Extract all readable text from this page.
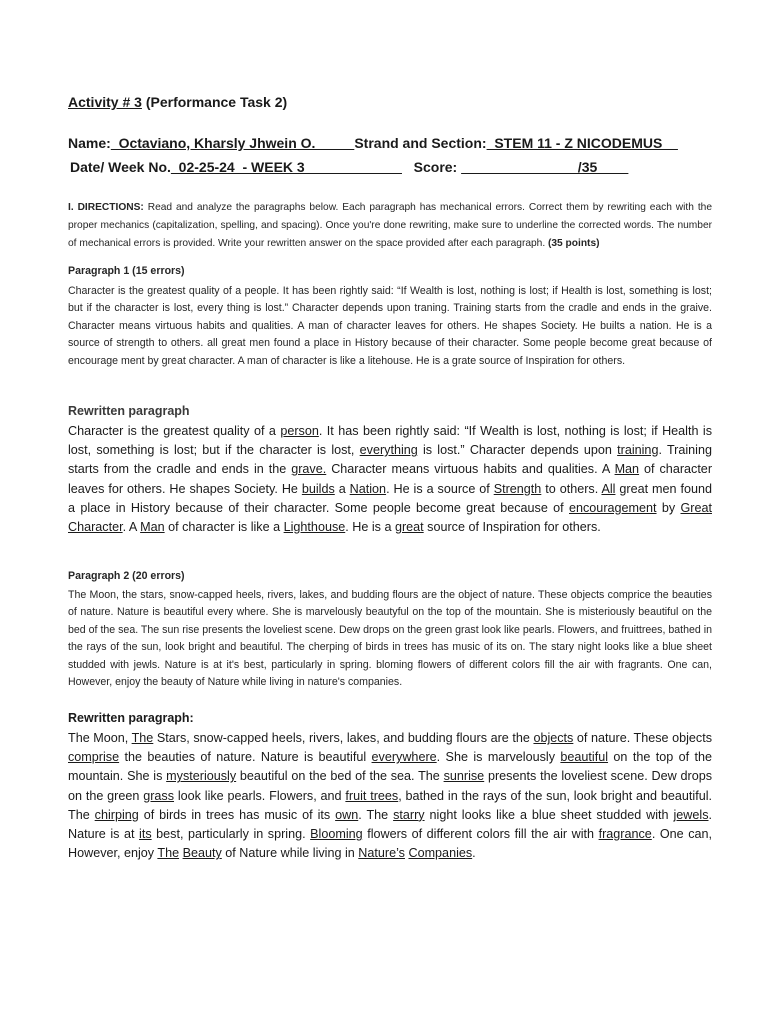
Activity # 3 (Performance Task 2)
Name:  Octaviano, Kharsly Jhwein O.          Strand and Section:  STEM 11 - Z NICODEMUS
Date/ Week No.  02-25-24  - WEEK 3                            Score:                               /35
I. DIRECTIONS: Read and analyze the paragraphs below. Each paragraph has mechanical errors. Correct them by rewriting each with the proper mechanics (capitalization, spelling, and spacing). Once you're done rewriting, make sure to underline the corrected words. The number of mechanical errors is provided. Write your rewritten answer on the space provided after each paragraph. (35 points)
Paragraph 1 (15 errors)
Character is the greatest quality of a people. It has been rightly said: “If Wealth is lost, nothing is lost; if Health is lost, something is lost; but if the character is lost, every thing is lost.” Character depends upon traning. Training starts from the cradle and ends in the graive. Character means virtuous habits and qualities. A man of character leaves for others. He shapes Society. He builts a nation. He is a source of strength to others. all great men found a place in History because of their character. Some people become great because of encourage ment by great character. A man of character is like a litehouse. He is a grate source of Inspiration for others.
Rewritten paragraph
Character is the greatest quality of a person. It has been rightly said: “If Wealth is lost, nothing is lost; if Health is lost, something is lost; but if the character is lost, everything is lost.” Character depends upon training. Training starts from the cradle and ends in the grave. Character means virtuous habits and qualities. A Man of character leaves for others. He shapes Society. He builds a Nation. He is a source of Strength to others. All great men found a place in History because of their character. Some people become great because of encouragement by Great Character. A Man of character is like a Lighthouse. He is a great source of Inspiration for others.
Paragraph 2 (20 errors)
The Moon, the stars, snow-capped heels, rivers, lakes, and budding flours are the object of nature. These objects comprice the beauties of nature. Nature is beautiful every where. She is marvelously beautyful on the top of the mountain. She is misteriously beautiful on the bed of the sea. The sun rise presents the loveliest scene. Dew drops on the green grast look like pearls. Flowers, and fruittrees, bathed in the rays of the sun, look bright and beautiful. The cherping of birds in trees has music of its on. The stary night looks like a blue sheet studded with jewls. Nature is at it's best, particularly in spring. bloming flowers of different colors fill the air with fragrants. One can, However, enjoy the beauty of Nature while living in nature's companies.
Rewritten paragraph:
The Moon, The Stars, snow-capped heels, rivers, lakes, and budding flours are the objects of nature. These objects comprise the beauties of nature. Nature is beautiful everywhere. She is marvelously beautiful on the top of the mountain. She is mysteriously beautiful on the bed of the sea. The sunrise presents the loveliest scene. Dew drops on the green grass look like pearls. Flowers, and fruit trees, bathed in the rays of the sun, look bright and beautiful. The chirping of birds in trees has music of its own. The starry night looks like a blue sheet studded with jewels. Nature is at its best, particularly in spring. Blooming flowers of different colors fill the air with fragrance. One can, However, enjoy The Beauty of Nature while living in Nature’s Companies.
